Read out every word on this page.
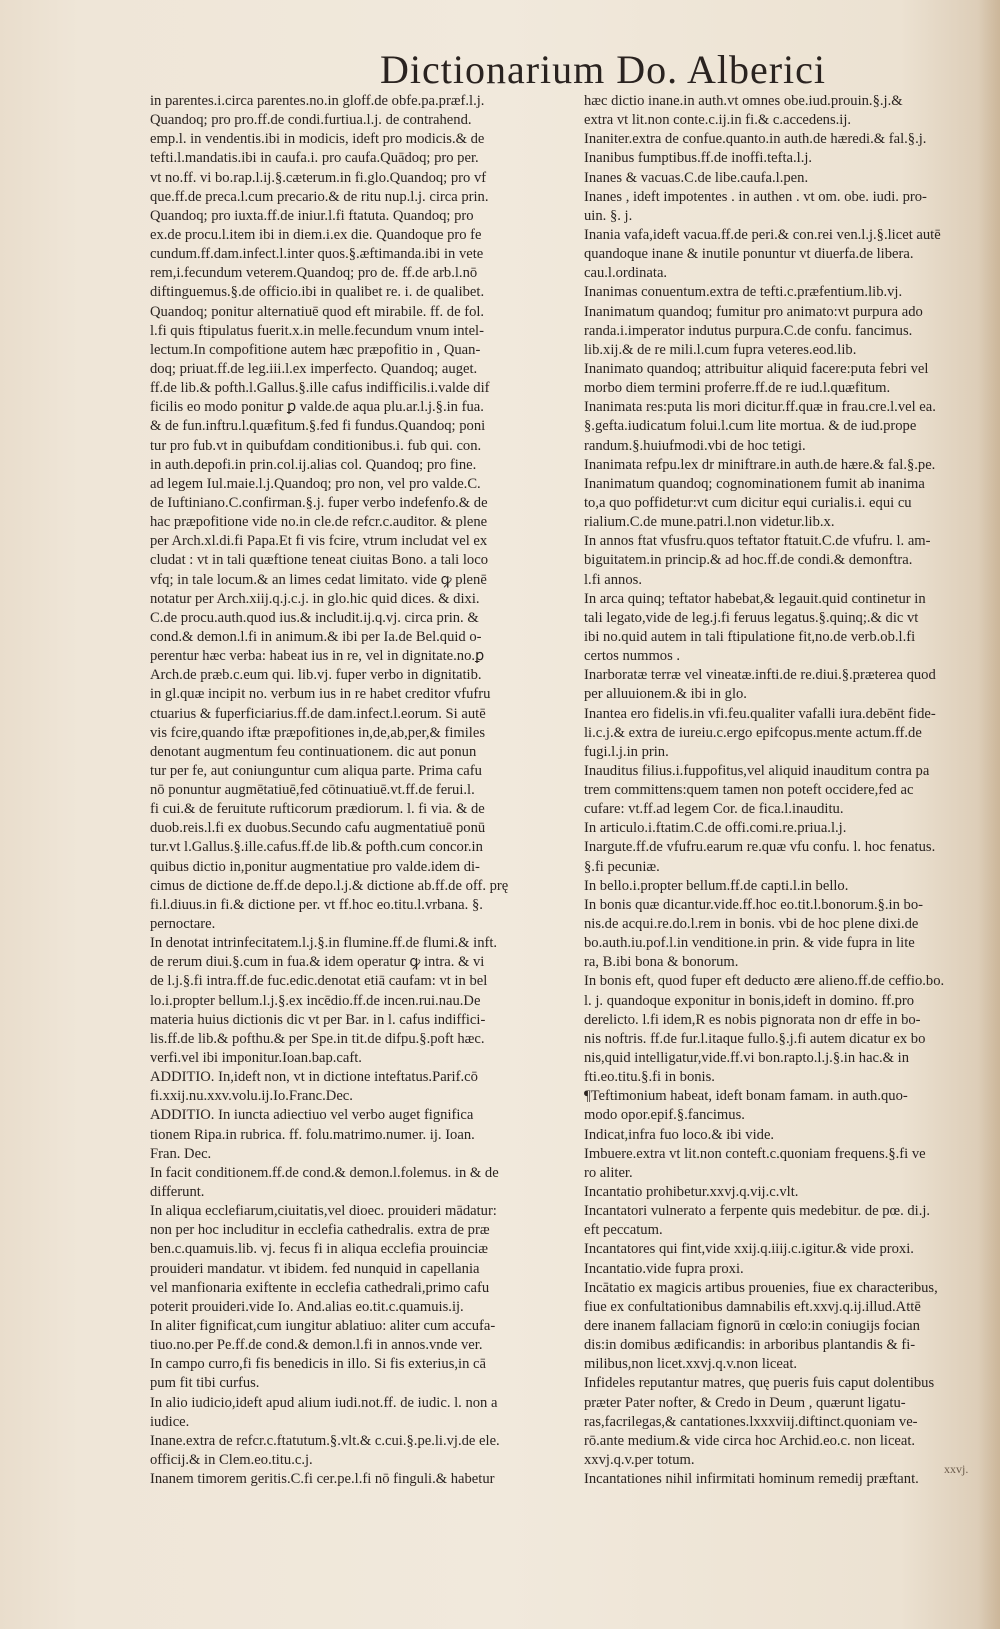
Dictionarium Do. Alberici
in parentes.i.circa parentes.no.in gloff.de obfe.pa.præf.l.j.
Quandoq; pro pro.ff.de condi.furtiua.l.j. de contrahend.
emp.l. in vendentis.ibi in modicis, ideft pro modicis.& de
tefti.l.mandatis.ibi in caufa.i. pro caufa.Quādoq; pro per.
vt no.ff. vi bo.rap.l.ij.§.cæterum.in fi.glo.Quandoq; pro vf
que.ff.de preca.l.cum precario.& de ritu nup.l.j. circa prin.
Quandoq; pro iuxta.ff.de iniur.l.fi ftatuta. Quandoq; pro
ex.de procu.l.item ibi in diem.i.ex die. Quandoque pro fe
cundum.ff.dam.infect.l.inter quos.§.æftimanda.ibi in vete
rem,i.fecundum veterem.Quandoq; pro de. ff.de arb.l.nō
diftinguemus.§.de officio.ibi in qualibet re. i. de qualibet.
Quandoq; ponitur alternatiuē quod eft mirabile. ff. de fol.
l.fi quis ftipulatus fuerit.x.in melle.fecundum vnum intel-
lectum.In compofitione autem hæc præpofitio in , Quan-
doq; priuat.ff.de leg.iii.l.ex imperfecto. Quandoq; auget.
ff.de lib.& pofth.l.Gallus.§.ille cafus indifficilis.i.valde dif
ficilis eo modo ponitur ꝑ valde.de aqua plu.ar.l.j.§.in fua.
& de fun.inftru.l.quæfitum.§.fed fi fundus.Quandoq; poni
tur pro fub.vt in quibufdam conditionibus.i. fub qui. con.
in auth.depofi.in prin.col.ij.alias col. Quandoq; pro fine.
ad legem Iul.maie.l.j.Quandoq; pro non, vel pro valde.C.
de Iuftiniano.C.confirman.§.j. fuper verbo indefenfo.& de
hac præpofitione vide no.in cle.de refcr.c.auditor. & plene
per Arch.xl.di.fi Papa.Et fi vis fcire, vtrum includat vel ex
cludat : vt in tali quæftione teneat ciuitas Bono. a tali loco
vfq; in tale locum.& an limes cedat limitato. vide ꝙ plenē
notatur per Arch.xiij.q.j.c.j. in glo.hic quid dices. & dixi.
C.de procu.auth.quod ius.& includit.ij.q.vj. circa prin. &
cond.& demon.l.fi in animum.& ibi per Ia.de Bel.quid o-
perentur hæc verba: habeat ius in re, vel in dignitate.no.ꝑ
Arch.de præb.c.eum qui. lib.vj. fuper verbo in dignitatib.
in gl.quæ incipit no. verbum ius in re habet creditor vfufru
ctuarius & fuperficiarius.ff.de dam.infect.l.eorum. Si autē
vis fcire,quando iftæ præpofitiones in,de,ab,per,& fimiles
denotant augmentum feu continuationem. dic aut ponun
tur per fe, aut coniunguntur cum aliqua parte. Prima cafu
nō ponuntur augmētatiuē,fed cōtinuatiuē.vt.ff.de ferui.l.
fi cui.& de feruitute rufticorum prædiorum. l. fi via. & de
duob.reis.l.fi ex duobus.Secundo cafu augmentatiuē ponū
tur.vt l.Gallus.§.ille.cafus.ff.de lib.& pofth.cum concor.in
quibus dictio in,ponitur augmentatiue pro valde.idem di-
cimus de dictione de.ff.de depo.l.j.& dictione ab.ff.de off. prę
fi.l.diuus.in fi.& dictione per. vt ff.hoc eo.titu.l.vrbana. §.
pernoctare.
In denotat intrinfecitatem.l.j.§.in flumine.ff.de flumi.& inft.
de rerum diui.§.cum in fua.& idem operatur ꝙ intra. & vi
de l.j.§.fi intra.ff.de fuc.edic.denotat etiā caufam: vt in bel
lo.i.propter bellum.l.j.§.ex incēdio.ff.de incen.rui.nau.De
materia huius dictionis dic vt per Bar. in l. cafus indiffici-
lis.ff.de lib.& pofthu.& per Spe.in tit.de difpu.§.poft hæc.
verfi.vel ibi imponitur.Ioan.bap.caft.
ADDITIO. In,ideft non, vt in dictione inteftatus.Parif.cō
fi.xxij.nu.xxv.volu.ij.Io.Franc.Dec.
ADDITIO. In iuncta adiectiuo vel verbo auget fignifica
tionem Ripa.in rubrica. ff. folu.matrimo.numer. ij. Ioan.
Fran. Dec.
In facit conditionem.ff.de cond.& demon.l.folemus. in & de
differunt.
In aliqua ecclefiarum,ciuitatis,vel dioec. prouideri mādatur:
non per hoc includitur in ecclefia cathedralis. extra de præ
ben.c.quamuis.lib. vj. fecus fi in aliqua ecclefia prouinciæ
prouideri mandatur. vt ibidem. fed nunquid in capellania
vel manfionaria exiftente in ecclefia cathedrali,primo cafu
poterit prouideri.vide Io. And.alias eo.tit.c.quamuis.ij.
In aliter fignificat,cum iungitur ablatiuo: aliter cum accufa-
tiuo.no.per Pe.ff.de cond.& demon.l.fi in annos.vnde ver.
In campo curro,fi fis benedicis in illo. Si fis exterius,in cā
pum fit tibi curfus.
In alio iudicio,ideft apud alium iudi.not.ff. de iudic. l. non a
iudice.
Inane.extra de refcr.c.ftatutum.§.vlt.& c.cui.§.pe.li.vj.de ele.
officij.& in Clem.eo.titu.c.j.
Inanem timorem geritis.C.fi cer.pe.l.fi nō finguli.& habetur
hæc dictio inane.in auth.vt omnes obe.iud.prouin.§.j.&
extra vt lit.non conte.c.ij.in fi.& c.accedens.ij.
Inaniter.extra de confue.quanto.in auth.de hæredi.& fal.§.j.
Inanibus fumptibus.ff.de inoffi.tefta.l.j.
Inanes & vacuas.C.de libe.caufa.l.pen.
Inanes , ideft impotentes . in authen . vt om. obe. iudi. pro-
uin. §. j.
Inania vafa,ideft vacua.ff.de peri.& con.rei ven.l.j.§.licet autē
quandoque inane & inutile ponuntur vt diuerfa.de libera.
cau.l.ordinata.
Inanimas conuentum.extra de tefti.c.præfentium.lib.vj.
Inanimatum quandoq; fumitur pro animato:vt purpura ado
randa.i.imperator indutus purpura.C.de confu. fancimus.
lib.xij.& de re mili.l.cum fupra veteres.eod.lib.
Inanimato quandoq; attribuitur aliquid facere:puta febri vel
morbo diem termini proferre.ff.de re iud.l.quæfitum.
Inanimata res:puta lis mori dicitur.ff.quæ in frau.cre.l.vel ea.
§.gefta.iudicatum folui.l.cum lite mortua. & de iud.prope
randum.§.huiufmodi.vbi de hoc tetigi.
Inanimata refpu.lex dr miniftrare.in auth.de hære.& fal.§.pe.
Inanimatum quandoq; cognominationem fumit ab inanima
to,a quo poffidetur:vt cum dicitur equi curialis.i. equi cu
rialium.C.de mune.patri.l.non videtur.lib.x.
In annos ftat vfusfru.quos teftator ftatuit.C.de vfufru. l. am-
biguitatem.in princip.& ad hoc.ff.de condi.& demonftra.
l.fi annos.
In arca quinq; teftator habebat,& legauit.quid continetur in
tali legato,vide de leg.j.fi feruus legatus.§.quinq;.& dic vt
ibi no.quid autem in tali ftipulatione fit,no.de verb.ob.l.fi
certos nummos .
Inarboratæ terræ vel vineatæ.infti.de re.diui.§.præterea quod
per alluuionem.& ibi in glo.
Inantea ero fidelis.in vfi.feu.qualiter vafalli iura.debēnt fide-
li.c.j.& extra de iureiu.c.ergo epifcopus.mente actum.ff.de
fugi.l.j.in prin.
Inauditus filius.i.fuppofitus,vel aliquid inauditum contra pa
trem committens:quem tamen non poteft occidere,fed ac
cufare: vt.ff.ad legem Cor. de fica.l.inauditu.
In articulo.i.ftatim.C.de offi.comi.re.priua.l.j.
Inargute.ff.de vfufru.earum re.quæ vfu confu. l. hoc fenatus.
§.fi pecuniæ.
In bello.i.propter bellum.ff.de capti.l.in bello.
In bonis quæ dicantur.vide.ff.hoc eo.tit.l.bonorum.§.in bo-
nis.de acqui.re.do.l.rem in bonis. vbi de hoc plene dixi.de
bo.auth.iu.pof.l.in venditione.in prin. & vide fupra in lite
ra, B.ibi bona & bonorum.
In bonis eft, quod fuper eft deducto ære alieno.ff.de ceffio.bo.
l. j. quandoque exponitur in bonis,ideft in domino. ff.pro
derelicto. l.fi idem,R es nobis pignorata non dr effe in bo-
nis noftris. ff.de fur.l.itaque fullo.§.j.fi autem dicatur ex bo
nis,quid intelligatur,vide.ff.vi bon.rapto.l.j.§.in hac.& in
fti.eo.titu.§.fi in bonis.
¶Teftimonium habeat, ideft bonam famam. in auth.quo-
modo opor.epif.§.fancimus.
Indicat,infra fuo loco.& ibi vide.
Imbuere.extra vt lit.non conteft.c.quoniam frequens.§.fi ve
ro aliter.
Incantatio prohibetur.xxvj.q.vij.c.vlt.
Incantatori vulnerato a ferpente quis medebitur. de pœ. di.j.
eft peccatum.
Incantatores qui fint,vide xxij.q.iiij.c.igitur.& vide proxi.
Incantatio.vide fupra proxi.
Incātatio ex magicis artibus prouenies, fiue ex characteribus,
fiue ex confultationibus damnabilis eft.xxvj.q.ij.illud.Attē
dere inanem fallaciam fignorū in cœlo:in coniugijs focian
dis:in domibus ædificandis: in arboribus plantandis & fi-
milibus,non licet.xxvj.q.v.non liceat.
Infideles reputantur matres, quę pueris fuis caput dolentibus
præter Pater nofter, & Credo in Deum , quærunt ligatu-
ras,facrilegas,& cantationes.lxxxviij.diftinct.quoniam ve-
rō.ante medium.& vide circa hoc Archid.eo.c. non liceat.
xxvj.q.v.per totum.
Incantationes nihil infirmitati hominum remedij præftant.
xxvj.
